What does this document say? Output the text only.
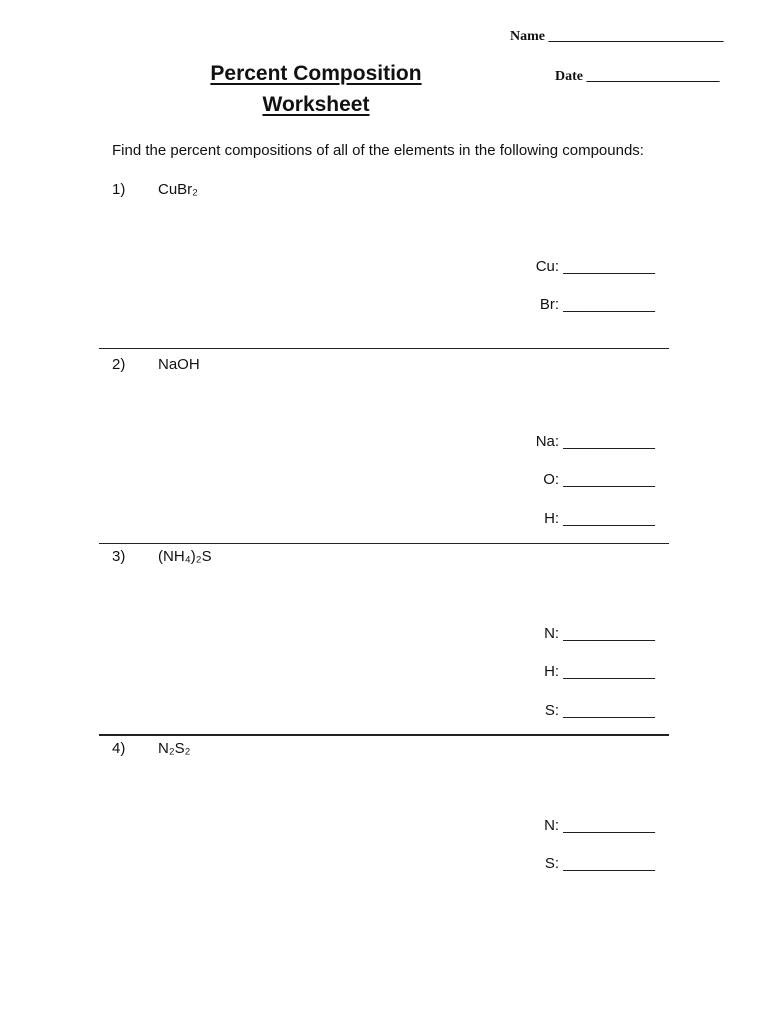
Name _________________________
Date ___________________
Percent Composition
Worksheet
Find the percent compositions of all of the elements in the following compounds:
1) CuBr₂
Cu: ___________
Br: ___________
2) NaOH
Na: ___________
O: ___________
H: ___________
3) (NH₄)₂S
N: ___________
H: ___________
S: ___________
4) N₂S₂
N: ___________
S: ___________
